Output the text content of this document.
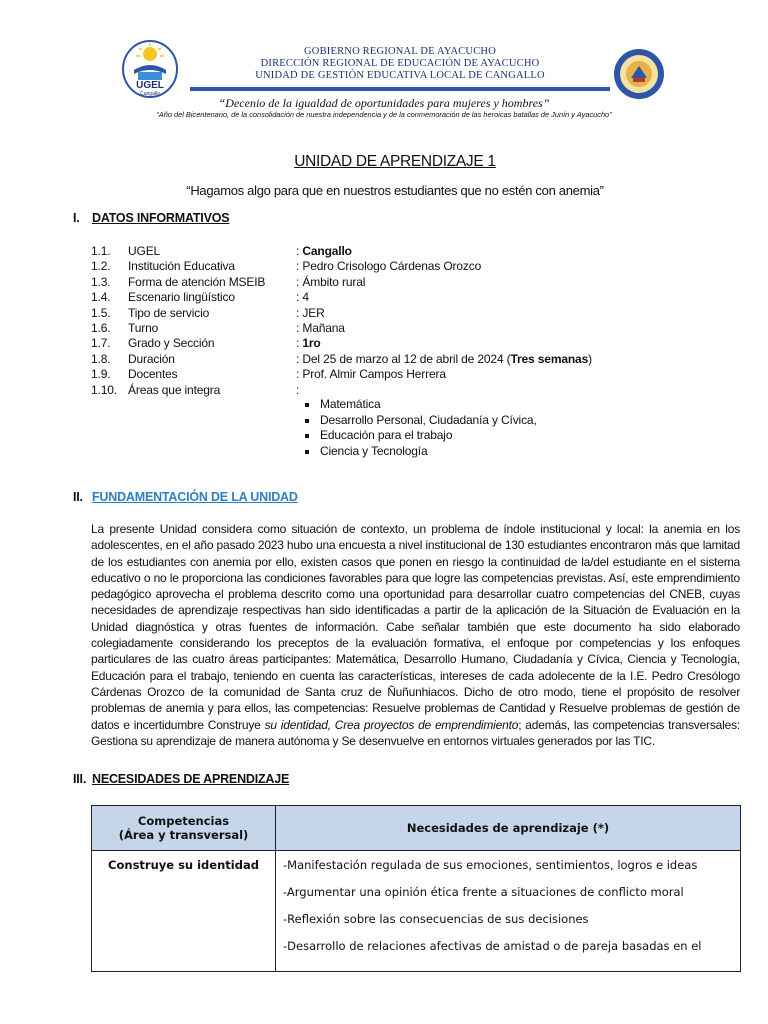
UGEL
Cangallo
GOBIERNO REGIONAL DE AYACUCHO
DIRECCIÓN REGIONAL DE EDUCACIÓN DE AYACUCHO
UNIDAD DE GESTIÓN EDUCATIVA LOCAL DE CANGALLO
“Decenio de la igualdad de oportunidades para mujeres y hombres”
“Año del Bicentenario, de la consolidación de nuestra independencia y de la conmemoración de las heroicas batallas de Junín y Ayacucho”
UNIDAD DE APRENDIZAJE 1
“Hagamos algo para que en nuestros estudiantes que no estén con anemia”
I. DATOS INFORMATIVOS
1.1. UGEL	: Cangallo
1.2. Institución Educativa	: Pedro Crisologo Cárdenas Orozco
1.3. Forma de atención MSEIB	: Ámbito rural
1.4. Escenario lingüístico	: 4
1.5. Tipo de servicio	: JER
1.6. Turno	: Mañana
1.7. Grado y Sección	: 1ro
1.8. Duración	: Del 25 de marzo al 12 de abril de 2024 (Tres semanas)
1.9. Docentes	: Prof. Almir Campos Herrera
1.10. Áreas que integra	:
Matemática
Desarrollo Personal, Ciudadanía y Cívica,
Educación para el trabajo
Ciencia y Tecnología
II. FUNDAMENTACIÓN DE LA UNIDAD
La presente Unidad considera como situación de contexto, un problema de índole institucional y local: la anemia en los adolescentes, en el año pasado 2023 hubo una encuesta a nivel institucional de 130 estudiantes encontraron más que lamitad de los estudiantes con anemia por ello, existen casos que ponen en riesgo la continuidad de la/del estudiante en el sistema educativo o no le proporciona las condiciones favorables para que logre las competencias previstas. Así, este emprendimiento pedagógico aprovecha el problema descrito como una oportunidad para desarrollar cuatro competencias del CNEB, cuyas necesidades de aprendizaje respectivas han sido identificadas a partir de la aplicación de la Situación de Evaluación en la Unidad diagnóstica y otras fuentes de información. Cabe señalar también que este documento ha sido elaborado colegiadamente considerando los preceptos de la evaluación formativa, el enfoque por competencias y los enfoques particulares de las cuatro áreas participantes: Matemática, Desarrollo Humano, Ciudadanía y Cívica, Ciencia y Tecnología, Educación para el trabajo, teniendo en cuenta las características, intereses de cada adolecente de la I.E. Pedro Cresólogo Cárdenas Orozco de la comunidad de Santa cruz de Ñuñunhiacos. Dicho de otro modo, tiene el propósito de resolver problemas de anemia y para ellos, las competencias: Resuelve problemas de Cantidad y Resuelve problemas de gestión de datos e incertidumbre Construye su identidad, Crea proyectos de emprendimiento; además, las competencias transversales: Gestiona su aprendizaje de manera autónoma y Se desenvuelve en entornos virtuales generados por las TIC.
III. NECESIDADES DE APRENDIZAJE
Competencias
(Área y transversal)	Necesidades de aprendizaje (*)
Construye su identidad	-Manifestación regulada de sus emociones, sentimientos, logros e ideas
-Argumentar una opinión ética frente a situaciones de conflicto moral
-Reflexión sobre las consecuencias de sus decisiones
-Desarrollo de relaciones afectivas de amistad o de pareja basadas en el
